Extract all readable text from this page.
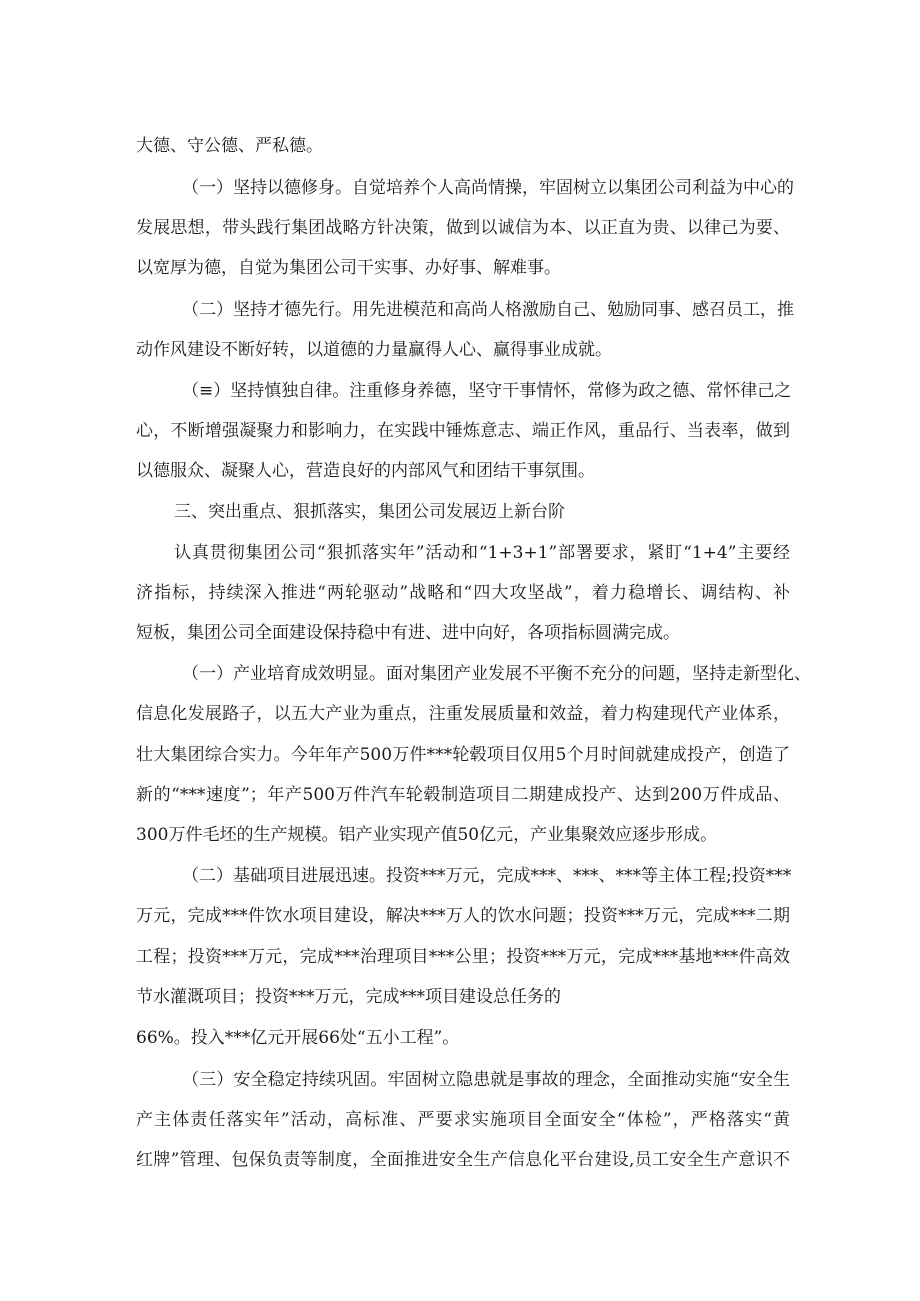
大德、守公德、严私德。
（一）坚持以德修身。自觉培养个人高尚情操，牢固树立以集团公司利益为中心的
发展思想，带头践行集团战略方针决策，做到以诚信为本、以正直为贵、以律己为要、
以宽厚为德，自觉为集团公司干实事、办好事、解难事。
（二）坚持才德先行。用先进模范和高尚人格激励自己、勉励同事、感召员工，推
动作风建设不断好转，以道德的力量赢得人心、赢得事业成就。
（≡）坚持慎独自律。注重修身养德，坚守干事情怀，常修为政之德、常怀律己之
心，不断增强凝聚力和影响力，在实践中锤炼意志、端正作风，重品行、当表率，做到
以德服众、凝聚人心，营造良好的内部风气和团结干事氛围。
三、突出重点、狠抓落实，集团公司发展迈上新台阶
认真贯彻集团公司“狠抓落实年”活动和“1+3+1”部署要求，紧盯“1+4”主要经
济指标，持续深入推进“两轮驱动”战略和“四大攻坚战”，着力稳增长、调结构、补
短板，集团公司全面建设保持稳中有进、进中向好，各项指标圆满完成。
（一）产业培育成效明显。面对集团产业发展不平衡不充分的问题，坚持走新型化、
信息化发展路子，以五大产业为重点，注重发展质量和效益，着力构建现代产业体系，
壮大集团综合实力。今年年产500万件***轮毂项目仅用5个月时间就建成投产，创造了
新的“***速度”；年产500万件汽车轮毂制造项目二期建成投产、达到200万件成品、
300万件毛坯的生产规模。铝产业实现产值50亿元，产业集聚效应逐步形成。
（二）基础项目进展迅速。投资***万元，完成***、***、***等主体工程;投资***
万元，完成***件饮水项目建设，解决***万人的饮水问题；投资***万元，完成***二期
工程；投资***万元，完成***治理项目***公里；投资***万元，完成***基地***件高效
节水灌溉项目；投资***万元，完成***项目建设总任务的
66%。投入***亿元开展66处“五小工程”。
（三）安全稳定持续巩固。牢固树立隐患就是事故的理念，全面推动实施“安全生
产主体责任落实年”活动，高标准、严要求实施项目全面安全“体检”，严格落实“黄
红牌”管理、包保负责等制度，全面推进安全生产信息化平台建设,员工安全生产意识不
